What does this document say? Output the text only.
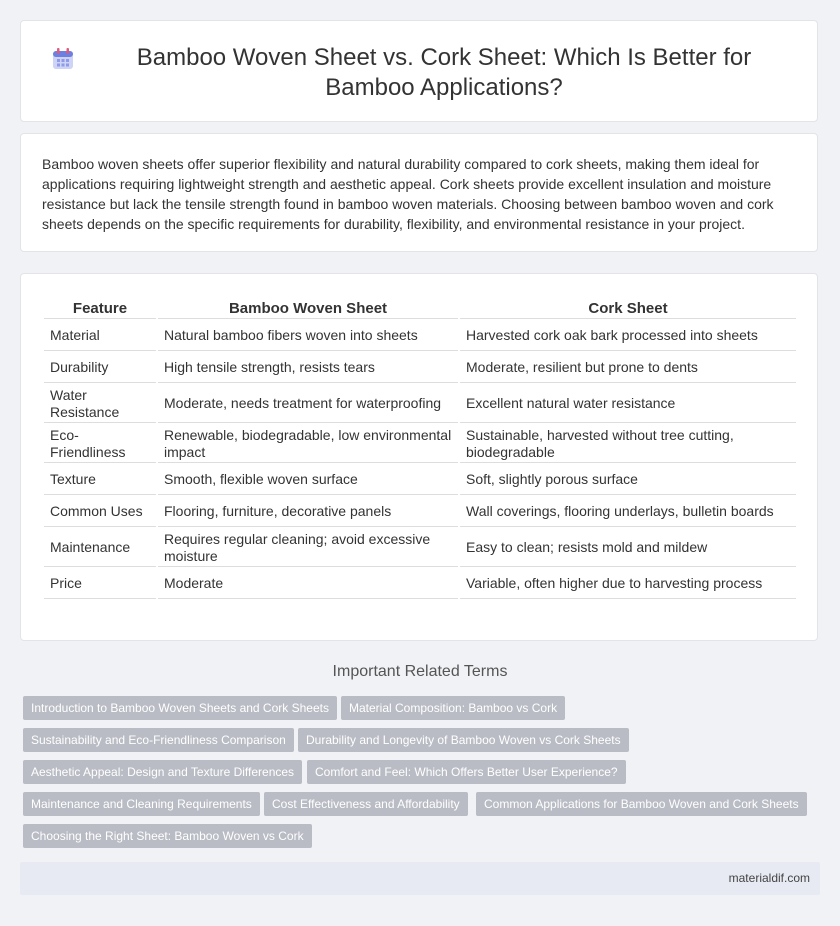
Bamboo Woven Sheet vs. Cork Sheet: Which Is Better for Bamboo Applications?

Bamboo woven sheets offer superior flexibility and natural durability compared to cork sheets, making them ideal for applications requiring lightweight strength and aesthetic appeal. Cork sheets provide excellent insulation and moisture resistance but lack the tensile strength found in bamboo woven materials. Choosing between bamboo woven and cork sheets depends on the specific requirements for durability, flexibility, and environmental resistance in your project.

Feature	Bamboo Woven Sheet	Cork Sheet
Material	Natural bamboo fibers woven into sheets	Harvested cork oak bark processed into sheets
Durability	High tensile strength, resists tears	Moderate, resilient but prone to dents
Water Resistance	Moderate, needs treatment for waterproofing	Excellent natural water resistance
Eco-Friendliness	Renewable, biodegradable, low environmental impact	Sustainable, harvested without tree cutting, biodegradable
Texture	Smooth, flexible woven surface	Soft, slightly porous surface
Common Uses	Flooring, furniture, decorative panels	Wall coverings, flooring underlays, bulletin boards
Maintenance	Requires regular cleaning; avoid excessive moisture	Easy to clean; resists mold and mildew
Price	Moderate	Variable, often higher due to harvesting process
Important Related Terms
Introduction to Bamboo Woven Sheets and Cork Sheets	Material Composition: Bamboo vs Cork
Sustainability and Eco-Friendliness Comparison	Durability and Longevity of Bamboo Woven vs Cork Sheets
Aesthetic Appeal: Design and Texture Differences	Comfort and Feel: Which Offers Better User Experience?
Maintenance and Cleaning Requirements	Cost Effectiveness and Affordability	Common Applications for Bamboo Woven and Cork Sheets
Choosing the Right Sheet: Bamboo Woven vs Cork
materialdif.com
